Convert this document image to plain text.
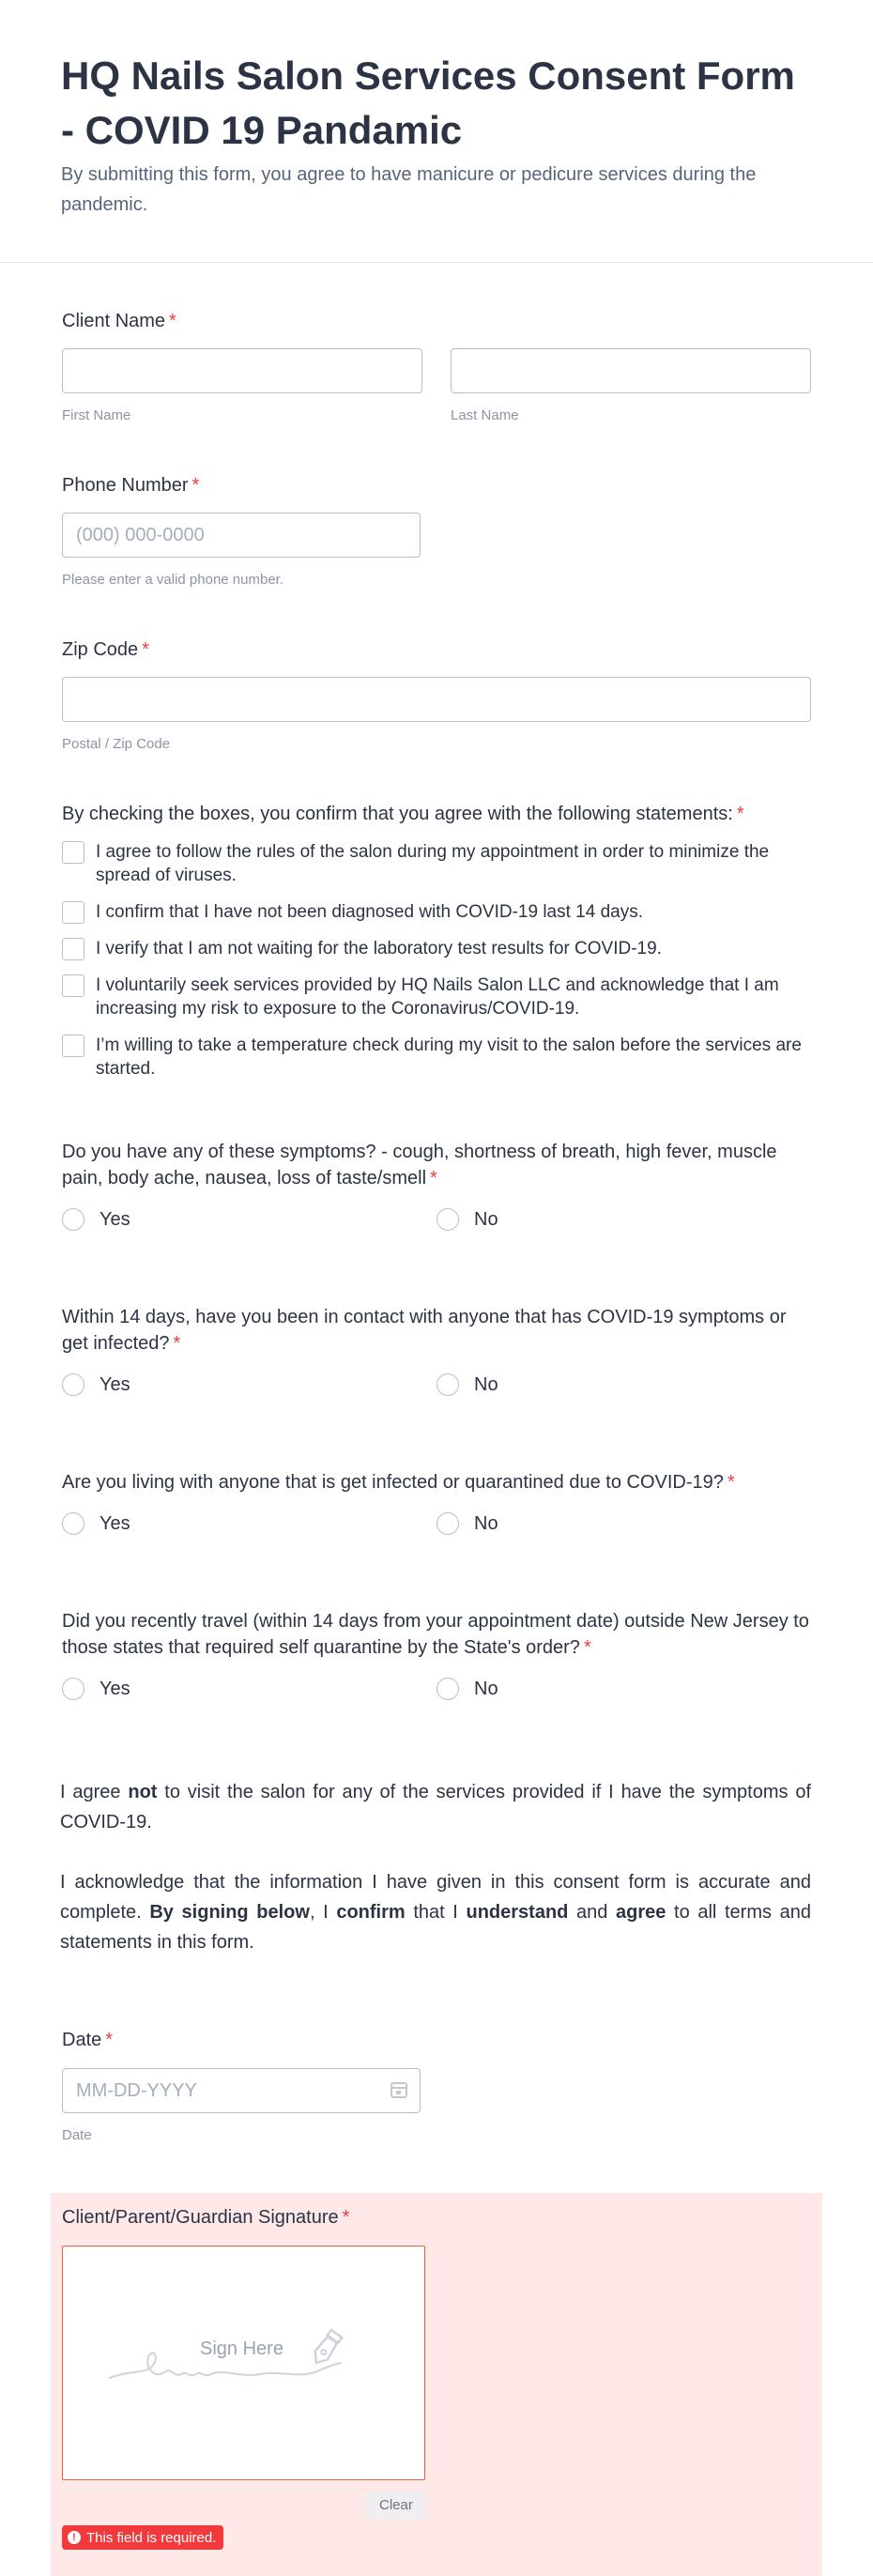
HQ Nails Salon Services Consent Form - COVID 19 Pandamic

By submitting this form, you agree to have manicure or pedicure services during the pandemic.

Client Name *
First Name	Last Name
Phone Number *
(000) 000-0000
Please enter a valid phone number.
Zip Code *
Postal / Zip Code
By checking the boxes, you confirm that you agree with the following statements: *
I agree to follow the rules of the salon during my appointment in order to minimize the spread of viruses.
I confirm that I have not been diagnosed with COVID-19 last 14 days.
I verify that I am not waiting for the laboratory test results for COVID-19.
I voluntarily seek services provided by HQ Nails Salon LLC and acknowledge that I am increasing my risk to exposure to the Coronavirus/COVID-19.
I’m willing to take a temperature check during my visit to the salon before the services are started.
Do you have any of these symptoms? - cough, shortness of breath, high fever, muscle pain, body ache, nausea, loss of taste/smell *
Yes	No
Within 14 days, have you been in contact with anyone that has COVID-19 symptoms or get infected? *
Yes	No
Are you living with anyone that is get infected or quarantined due to COVID-19? *
Yes	No
Did you recently travel (within 14 days from your appointment date) outside New Jersey to those states that required self quarantine by the State's order? *
Yes	No

I agree not to visit the salon for any of the services provided if I have the symptoms of COVID-19.

I acknowledge that the information I have given in this consent form is accurate and complete. By signing below, I confirm that I understand and agree to all terms and statements in this form.

Date *
MM-DD-YYYY
Date
Client/Parent/Guardian Signature *
Sign Here
Clear
! This field is required.
